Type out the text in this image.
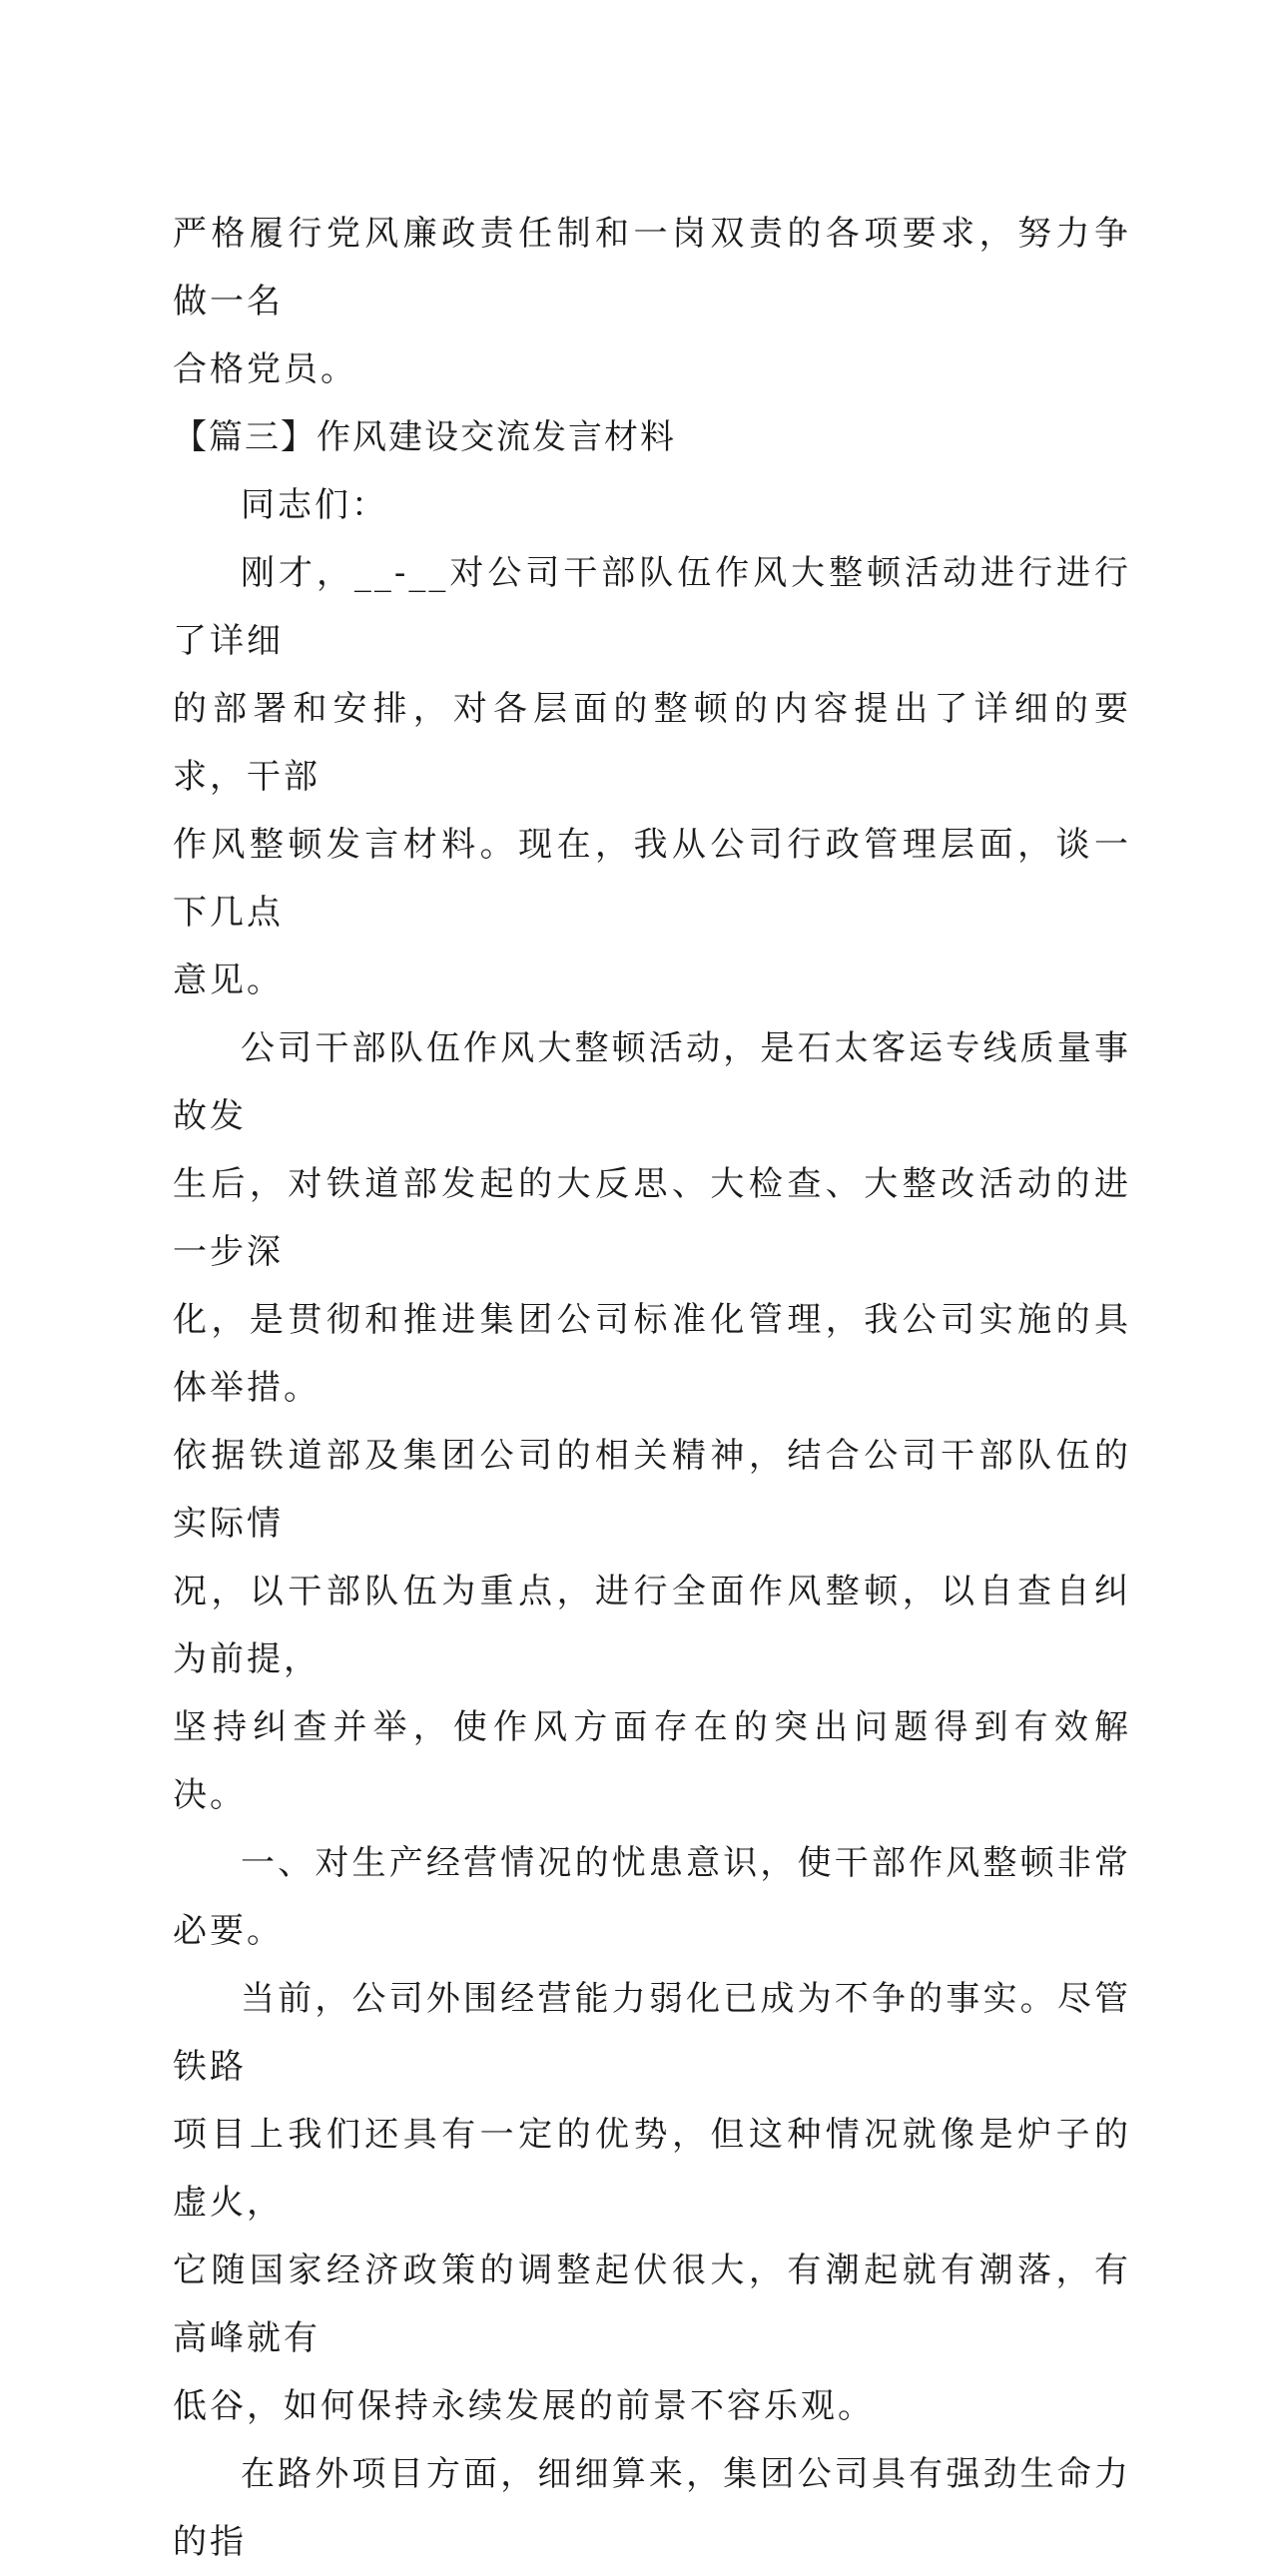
严格履行党风廉政责任制和一岗双责的各项要求，努力争做一名
合格党员。

【篇三】作风建设交流发言材料

同志们：

刚才，__-__对公司干部队伍作风大整顿活动进行进行了详细
的部署和安排，对各层面的整顿的内容提出了详细的要求，干部
作风整顿发言材料。现在，我从公司行政管理层面，谈一下几点
意见。

公司干部队伍作风大整顿活动，是石太客运专线质量事故发
生后，对铁道部发起的大反思、大检查、大整改活动的进一步深
化，是贯彻和推进集团公司标准化管理，我公司实施的具体举措。
依据铁道部及集团公司的相关精神，结合公司干部队伍的实际情
况，以干部队伍为重点，进行全面作风整顿，以自查自纠为前提，
坚持纠查并举，使作风方面存在的突出问题得到有效解决。

一、对生产经营情况的忧患意识，使干部作风整顿非常必要。

当前，公司外围经营能力弱化已成为不争的事实。尽管铁路
项目上我们还具有一定的优势，但这种情况就像是炉子的虚火，
它随国家经济政策的调整起伏很大，有潮起就有潮落，有高峰就有
低谷，如何保持永续发展的前景不容乐观。

在路外项目方面，细细算来，集团公司具有强劲生命力的指
